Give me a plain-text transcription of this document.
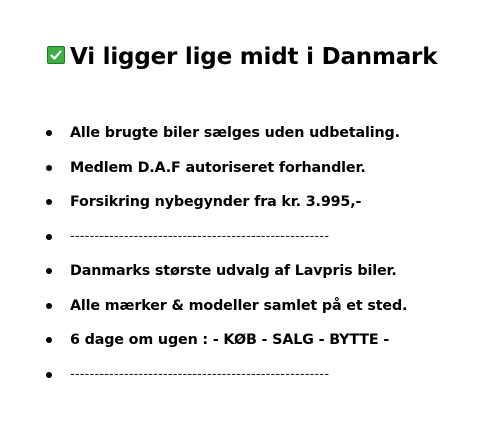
Vi ligger lige midt i Danmark
Alle brugte biler sælges uden udbetaling.
Medlem D.A.F autoriseret forhandler.
Forsikring nybegynder fra kr. 3.995,-
-----------------------------------------------------
Danmarks største udvalg af Lavpris biler.
Alle mærker & modeller samlet på et sted.
6 dage om ugen : - KØB - SALG - BYTTE -
-----------------------------------------------------
